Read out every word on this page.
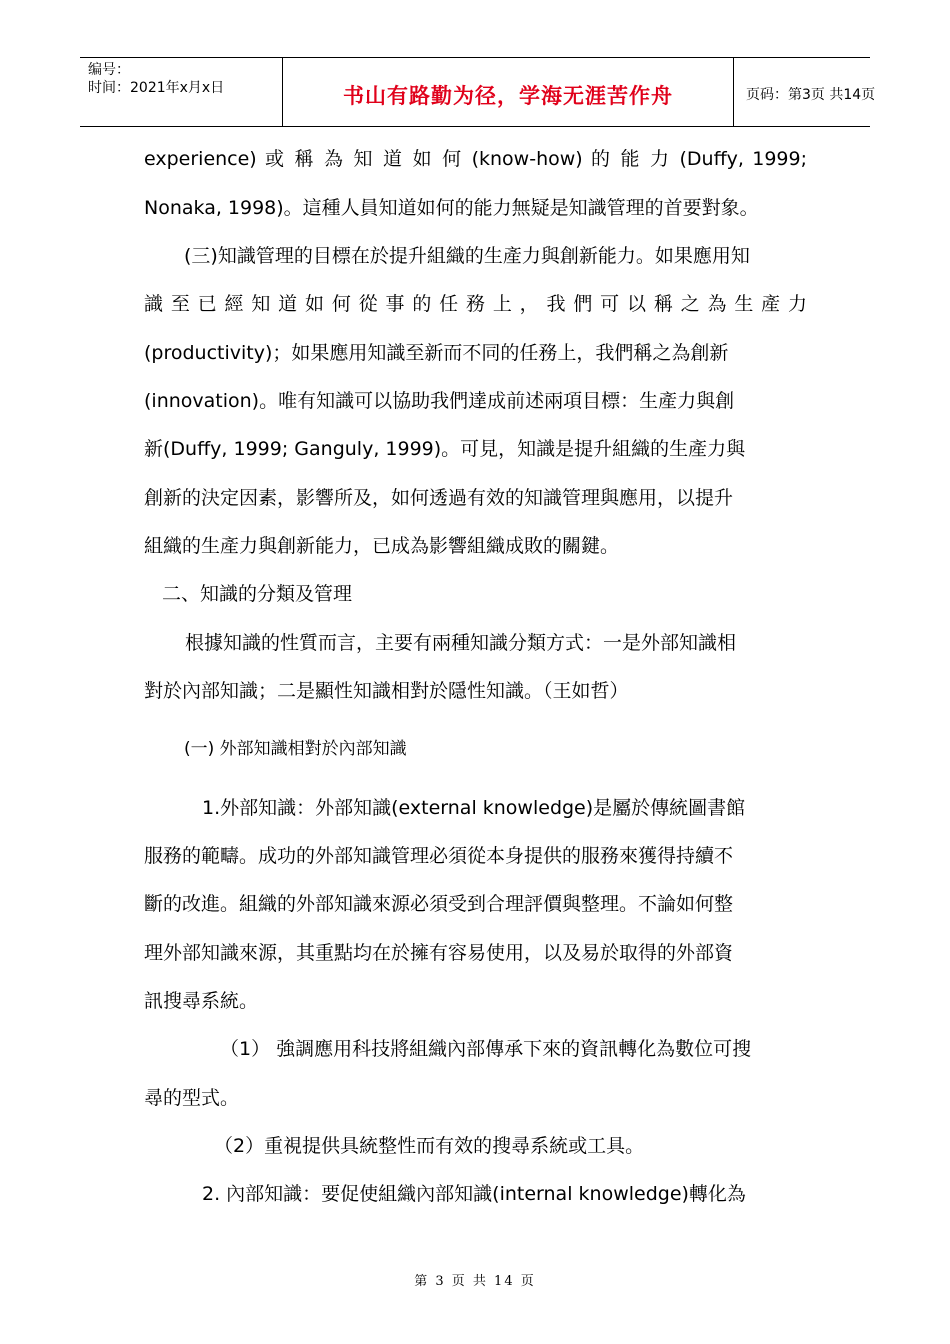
编号：
时间：2021年x月x日	书山有路勤为径，学海无涯苦作舟	页码：第3页 共14页
experience) 或 稱 為 知 道 如 何 (know-how) 的 能 力 (Duffy, 1999;
Nonaka, 1998)。這種人員知道如何的能力無疑是知識管理的首要對象。
(三)知識管理的目標在於提升組織的生產力與創新能力。如果應用知
識 至 已 經 知 道 如 何 從 事 的 任 務 上 ， 我 們 可 以 稱 之 為 生 產 力
(productivity)；如果應用知識至新而不同的任務上，我們稱之為創新
(innovation)。唯有知識可以協助我們達成前述兩項目標：生產力與創
新(Duffy, 1999; Ganguly, 1999)。可見，知識是提升組織的生產力與
創新的決定因素，影響所及，如何透過有效的知識管理與應用，以提升
組織的生產力與創新能力，已成為影響組織成敗的關鍵。
二、知識的分類及管理
根據知識的性質而言，主要有兩種知識分類方式：一是外部知識相
對於內部知識；二是顯性知識相對於隱性知識。（王如哲）
(一) 外部知識相對於內部知識
1.外部知識：外部知識(external knowledge)是屬於傳統圖書館
服務的範疇。成功的外部知識管理必須從本身提供的服務來獲得持續不
斷的改進。組織的外部知識來源必須受到合理評價與整理。不論如何整
理外部知識來源，其重點均在於擁有容易使用，以及易於取得的外部資
訊搜尋系統。
（1） 強調應用科技將組織內部傳承下來的資訊轉化為數位可搜
尋的型式。
（2）重視提供具統整性而有效的搜尋系統或工具。
2. 內部知識：要促使組織內部知識(internal knowledge)轉化為
第 3 页 共 14 页
